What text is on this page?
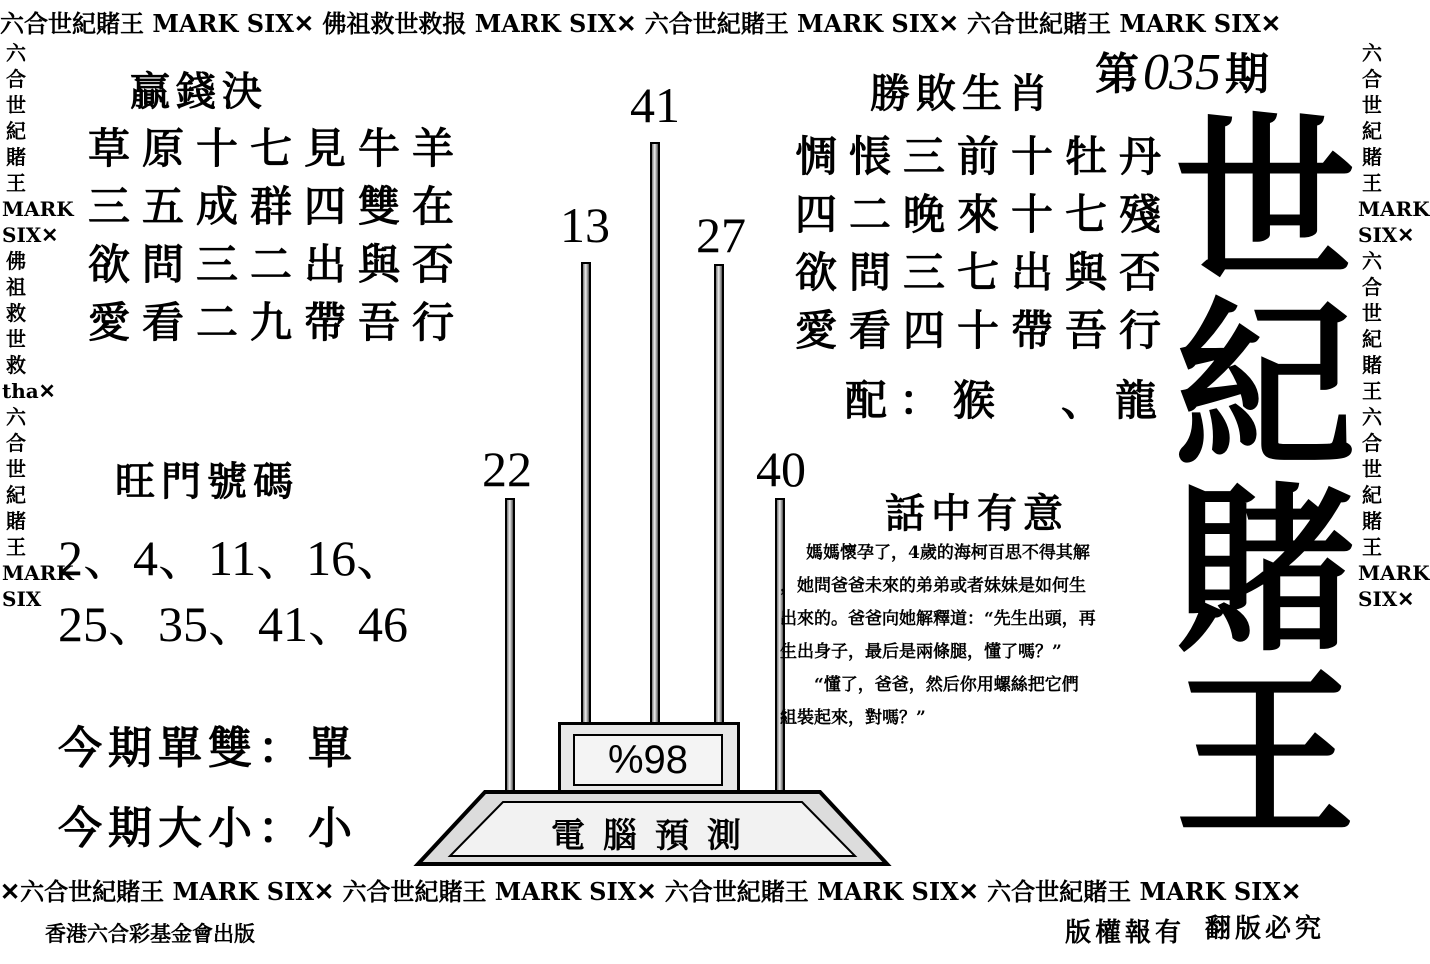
六合世紀賭王 MARK SIX✕ 佛祖救世救报 MARK SIX✕ 六合世紀賭王 MARK SIX✕ 六合世紀賭王 MARK SIX✕
六合世紀賭王MARK SIX✕佛祖救世救tha✕六合世紀賭王MARK SIX
六合世紀賭王MARK SIX✕六合世紀賭王六合世紀賭王MARK SIX✕
✕六合世紀賭王 MARK SIX✕ 六合世紀賭王 MARK SIX✕ 六合世紀賭王 MARK SIX✕ 六合世紀賭王 MARK SIX✕
贏錢決
草原十七見牛羊
三五成群四雙在
欲問三二出與否
愛看二九帶吾行
旺門號碼
2、4、11、16、
25、35、41、46
今期單雙：單
今期大小：小
22
13
41
27
40
%98
電腦預測
勝敗生肖 第 035 期
惆悵三前十牡丹
四二晚來十七殘
欲問三七出與否
愛看四十帶吾行
配：猴　、龍
世
紀
賭
王
話中有意
媽媽懷孕了，4歲的海柯百思不得其解
，她問爸爸未來的弟弟或者妹妹是如何生
出來的。爸爸向她解釋道：“先生出頭，再
生出身子，最后是兩條腿，懂了嗎？”
　　“懂了，爸爸，然后你用螺絲把它們
組裝起來，對嗎？”
香港六合彩基金會出版	版權報有 翻版必究
